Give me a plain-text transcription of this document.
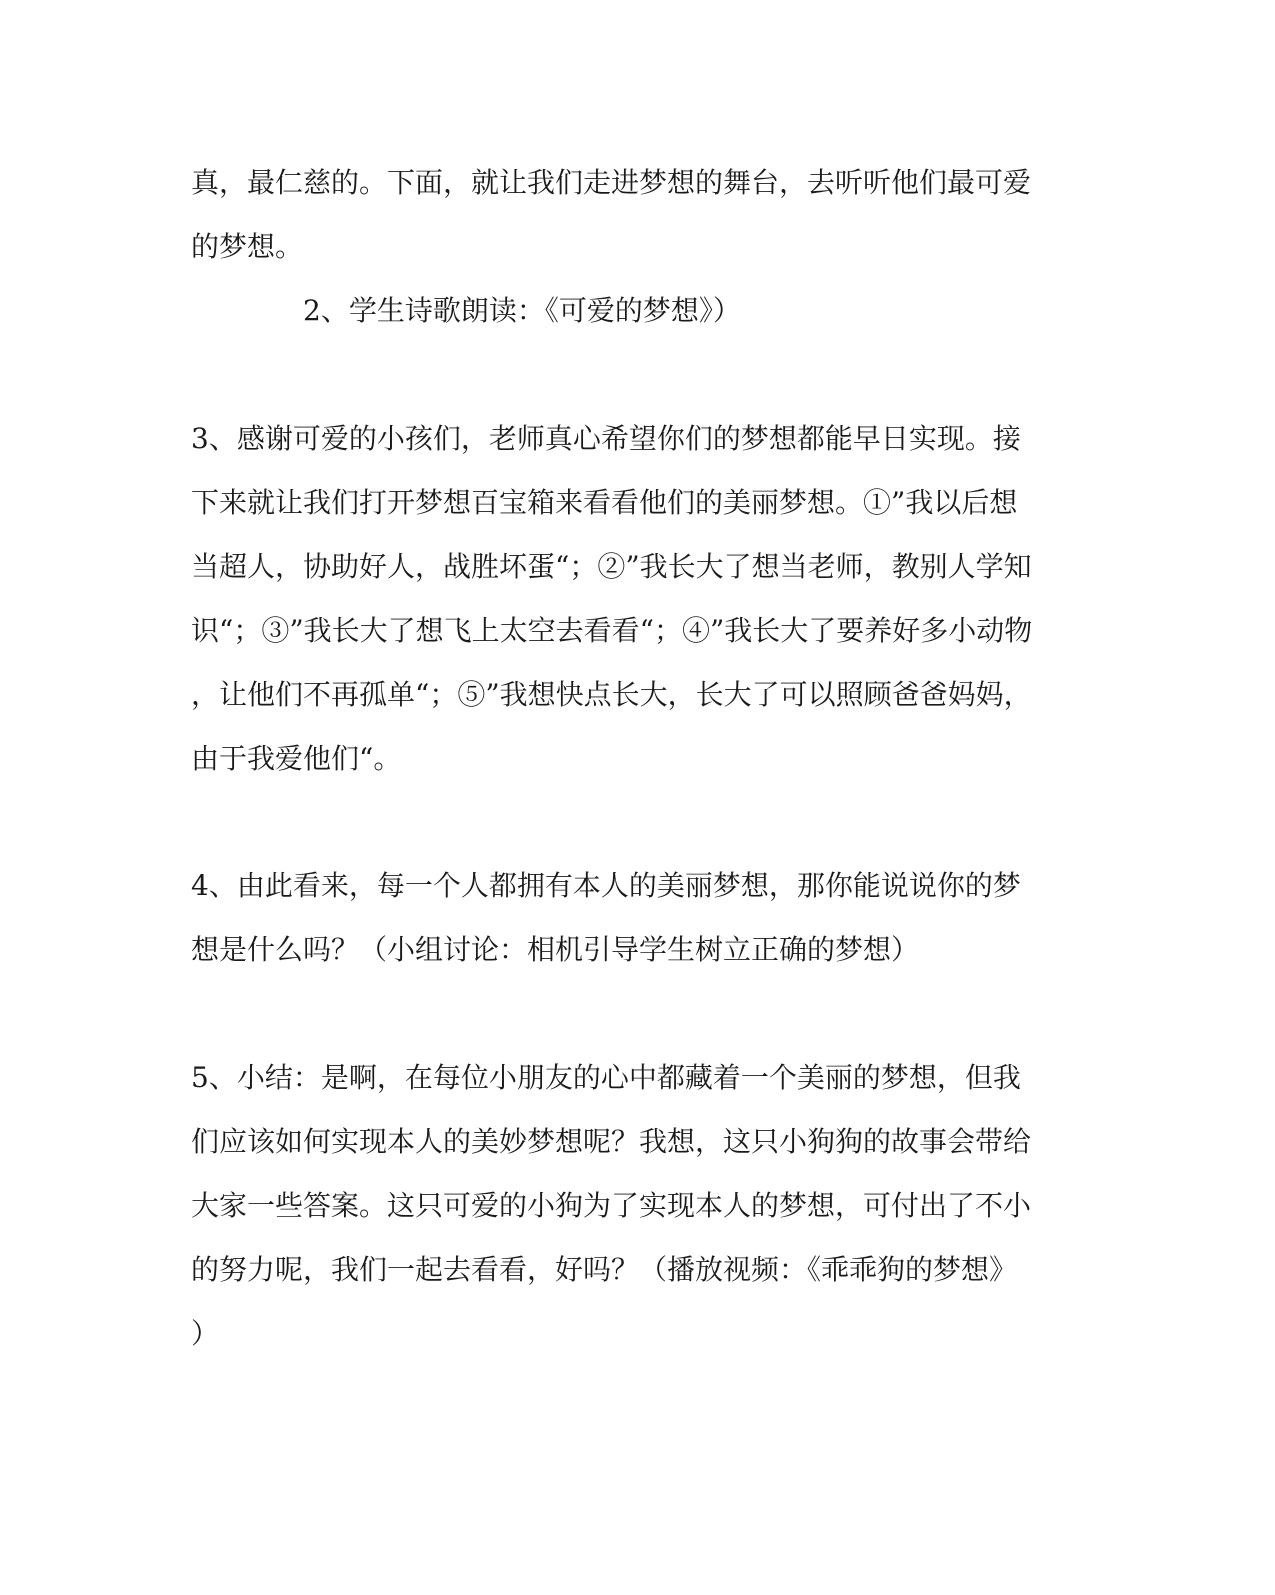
真，最仁慈的。下面，就让我们走进梦想的舞台，去听听他们最可爱
的梦想。
2、学生诗歌朗读：《可爱的梦想》）
3、感谢可爱的小孩们，老师真心希望你们的梦想都能早日实现。接
下来就让我们打开梦想百宝箱来看看他们的美丽梦想。①”我以后想
当超人，协助好人，战胜坏蛋“；②”我长大了想当老师，教别人学知
识“；③”我长大了想飞上太空去看看“；④”我长大了要养好多小动物
，让他们不再孤单“；⑤”我想快点长大，长大了可以照顾爸爸妈妈，
由于我爱他们“。
4、由此看来，每一个人都拥有本人的美丽梦想，那你能说说你的梦
想是什么吗？（小组讨论：相机引导学生树立正确的梦想）
5、小结：是啊，在每位小朋友的心中都藏着一个美丽的梦想，但我
们应该如何实现本人的美妙梦想呢？我想，这只小狗狗的故事会带给
大家一些答案。这只可爱的小狗为了实现本人的梦想，可付出了不小
的努力呢，我们一起去看看，好吗？（播放视频：《乖乖狗的梦想》
）
